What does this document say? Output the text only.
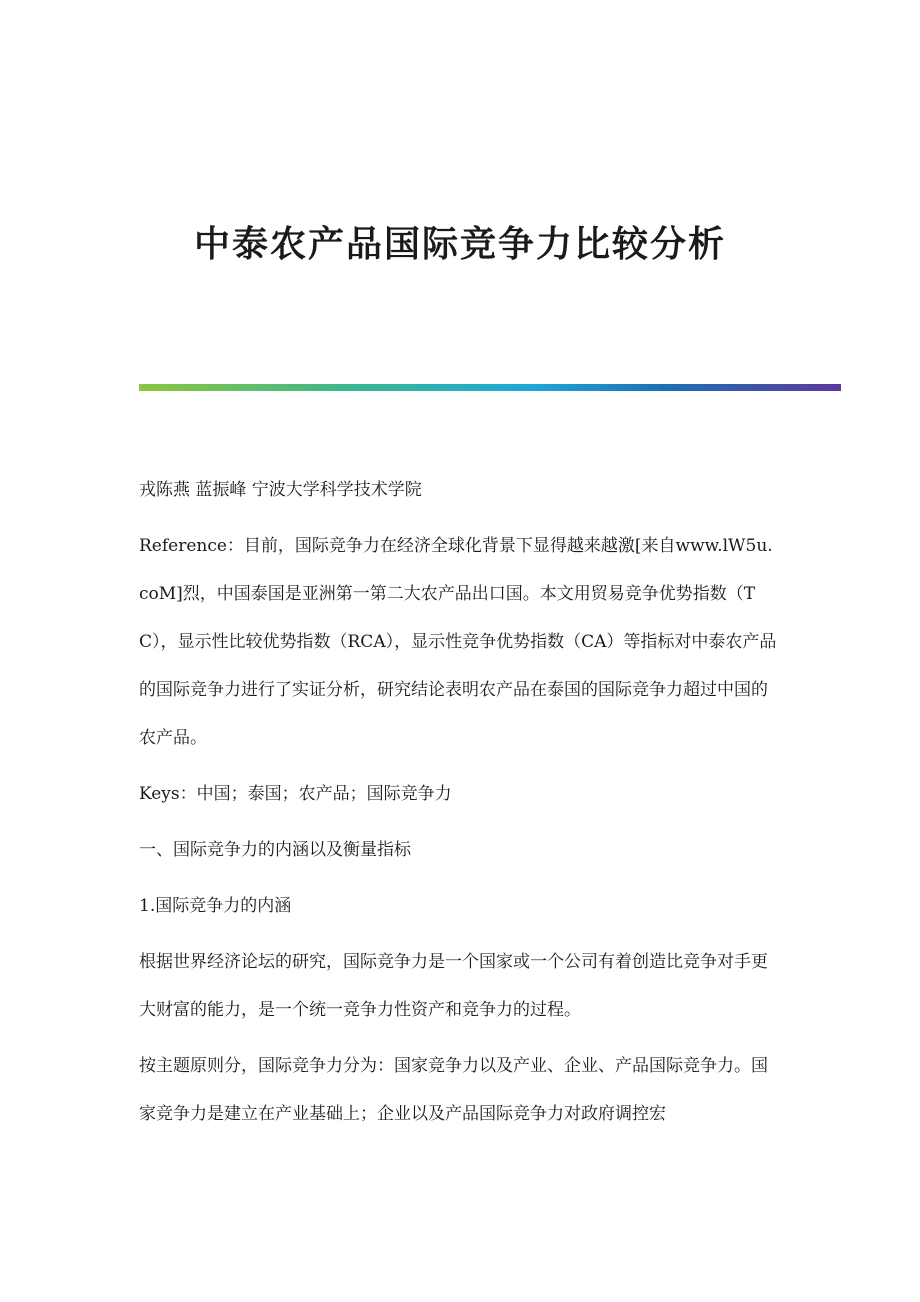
中泰农产品国际竞争力比较分析

戎陈燕 蓝振峰 宁波大学科学技术学院

Reference：目前，国际竞争力在经济全球化背景下显得越来越激[来自www.lW5u.coM]烈，中国泰国是亚洲第一第二大农产品出口国。本文用贸易竞争优势指数（TC），显示性比较优势指数（RCA），显示性竞争优势指数（CA）等指标对中泰农产品的国际竞争力进行了实证分析，研究结论表明农产品在泰国的国际竞争力超过中国的农产品。

Keys：中国；泰国；农产品；国际竞争力

一、国际竞争力的内涵以及衡量指标

1.国际竞争力的内涵

根据世界经济论坛的研究，国际竞争力是一个国家或一个公司有着创造比竞争对手更大财富的能力，是一个统一竞争力性资产和竞争力的过程。

按主题原则分，国际竞争力分为：国家竞争力以及产业、企业、产品国际竞争力。国家竞争力是建立在产业基础上；企业以及产品国际竞争力对政府调控宏
